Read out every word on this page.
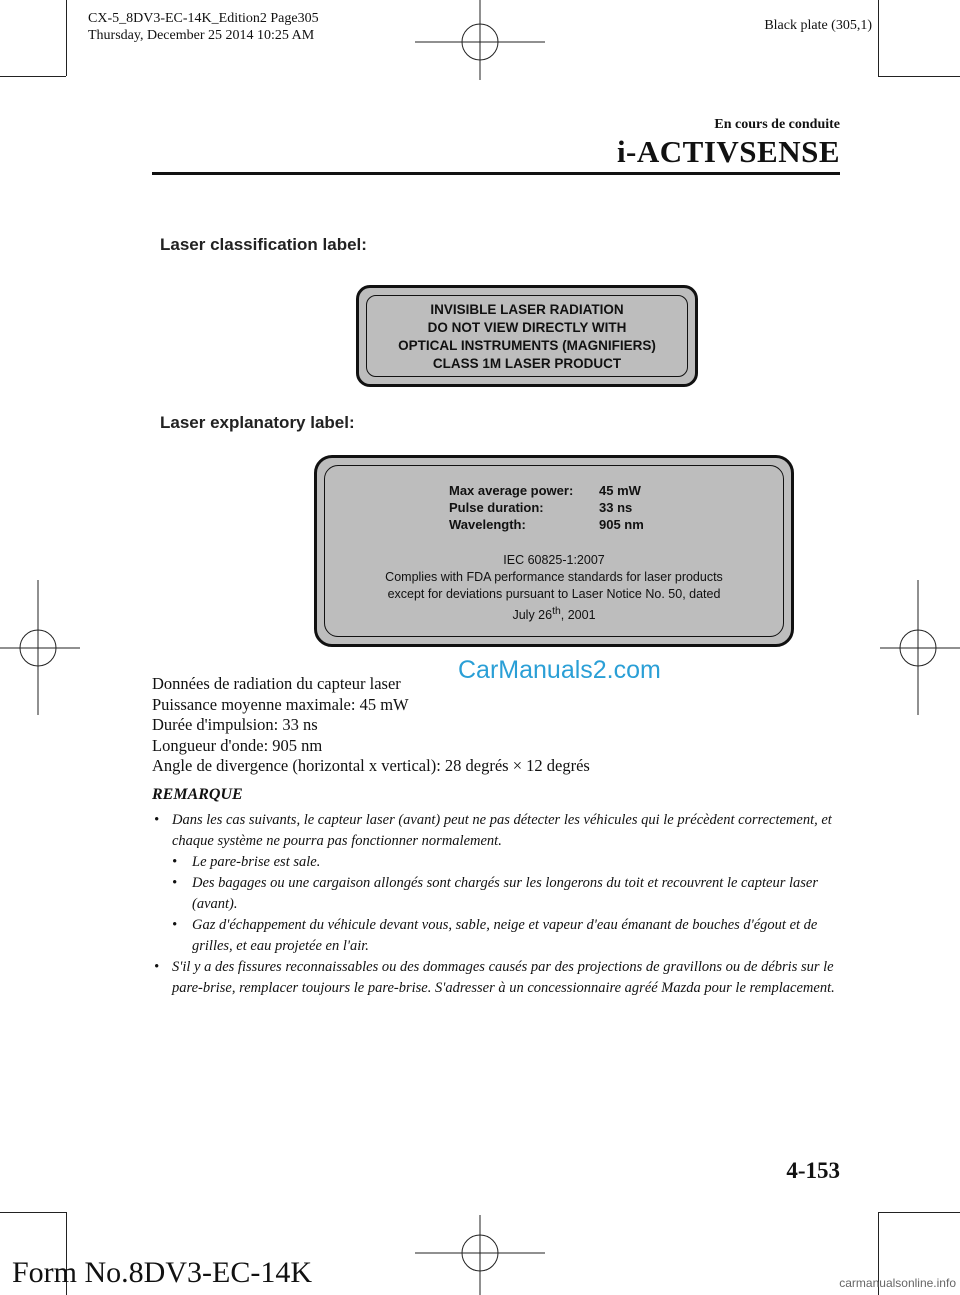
CX-5_8DV3-EC-14K_Edition2 Page305
Thursday, December 25 2014 10:25 AM
Black plate (305,1)
En cours de conduite
i-ACTIVSENSE
Laser classification label:
INVISIBLE LASER RADIATION
DO NOT VIEW DIRECTLY WITH
OPTICAL INSTRUMENTS (MAGNIFIERS)
CLASS 1M LASER PRODUCT
Laser explanatory label:
Max average power:	45 mW
Pulse duration:	33 ns
Wavelength:	905 nm
IEC 60825-1:2007
Complies with FDA performance standards for laser products
except for deviations pursuant to Laser Notice No. 50, dated
July 26th, 2001
CarManuals2.com
Données de radiation du capteur laser
Puissance moyenne maximale: 45 mW
Durée d'impulsion: 33 ns
Longueur d'onde: 905 nm
Angle de divergence (horizontal x vertical): 28 degrés × 12 degrés
REMARQUE
• Dans les cas suivants, le capteur laser (avant) peut ne pas détecter les véhicules qui le précèdent correctement, et chaque système ne pourra pas fonctionner normalement.
• Le pare-brise est sale.
• Des bagages ou une cargaison allongés sont chargés sur les longerons du toit et recouvrent le capteur laser (avant).
• Gaz d'échappement du véhicule devant vous, sable, neige et vapeur d'eau émanant de bouches d'égout et de grilles, et eau projetée en l'air.
• S'il y a des fissures reconnaissables ou des dommages causés par des projections de gravillons ou de débris sur le pare-brise, remplacer toujours le pare-brise. S'adresser à un concessionnaire agréé Mazda pour le remplacement.
4-153
Form No.8DV3-EC-14K	carmanualsonline.info
